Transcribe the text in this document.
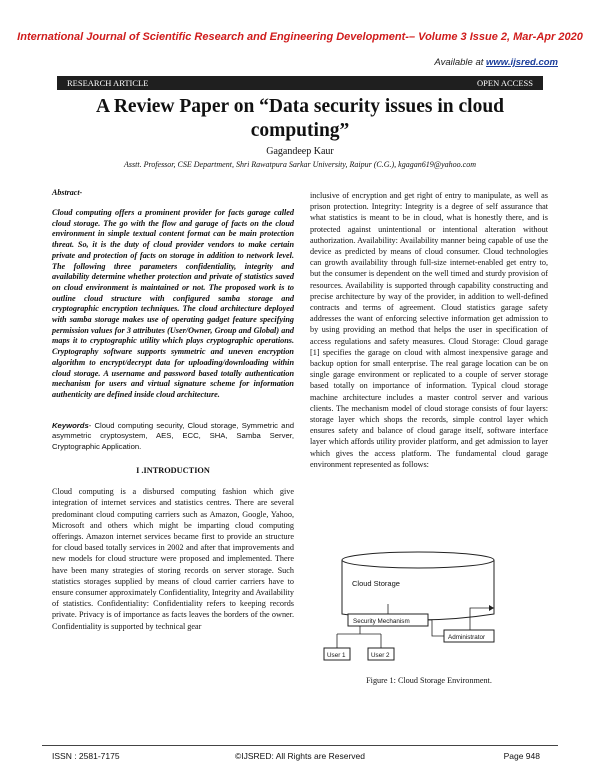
International Journal of Scientific Research and Engineering Development-– Volume 3 Issue 2, Mar-Apr 2020
Available at www.ijsred.com
RESEARCH ARTICLE	OPEN ACCESS
A Review Paper on “Data security issues in cloud computing”
Gagandeep Kaur
Asstt. Professor, CSE Department, Shri Rawatpura Sarkar University, Raipur (C.G.), kgagan619@yahoo.com
Abstract-
Cloud computing offers a prominent provider for facts garage called cloud storage. The go with the flow and garage of facts on the cloud environment in simple textual content format can be main protection threat. So, it is the duty of cloud provider vendors to make certain private and protection of facts on storage in addition to network level. The following three parameters confidentiality, integrity and availability determine whether protection and private of statistics saved on cloud environment is maintained or not. The proposed work is to outline cloud structure with configured samba storage and cryptographic encryption techniques. The cloud architecture deployed with samba storage makes use of operating gadget feature specifying permission values for 3 attributes (User/Owner, Group and Global) and maps it to cryptographic utility which plays cryptographic operations. Cryptography software supports symmetric and uneven encryption algorithm to encrypt/decrypt data for uploading/downloading within cloud storage. A username and password based totally authentication mechanism for users and virtual signature scheme for information authenticity are defined inside cloud architecture.
Keywords- Cloud computing security, Cloud storage, Symmetric and asymmetric cryptosystem, AES, ECC, SHA, Samba Server, Cryptographic Application.
I .INTRODUCTION
Cloud computing is a disbursed computing fashion which give integration of internet services and statistics centres. There are several predominant cloud computing carriers such as Amazon, Google, Yahoo, Microsoft and others which might be imparting cloud computing offerings. Amazon internet services became first to provide an structure for cloud based totally services in 2002 and after that improvements and new models for cloud structure were proposed and implemented. There have been many strategies of storing records on server storage. Such statistics storages supplied by means of cloud carrier carriers have to ensure consumer approximately Confidentiality, Integrity and Availability of statistics. Confidentiality: Confidentiality refers to keeping records private. Privacy is of importance as facts leaves the borders of the owner. Confidentiality is supported by technical gear

inclusive of encryption and get right of entry to manipulate, as well as prison protection. Integrity: Integrity is a degree of self assurance that what statistics is meant to be in cloud, what is honestly there, and is protected against unintentional or intentional alteration without authorization. Availability: Availability manner being capable of use the device as predicted by means of cloud consumer. Cloud technologies can growth availability through full-size internet-enabled get entry to, but the consumer is dependent on the well timed and sturdy provision of resources. Availability is supported through capability constructing and precise architecture by way of the provider, in addition to well-defined contracts and terms of agreement. Cloud statistics garage safety addresses the want of enforcing selective information get admission to by using providing an method that helps the user in specification of access regulations and safety measures. Cloud Storage: Cloud garage [1] specifies the garage on cloud with almost inexpensive garage and backup option for small enterprise. The real garage location can be on single garage environment or replicated to a couple of server storage based totally on importance of information. Typical cloud storage machine architecture includes a master control server and various clients. The mechanism model of cloud storage consists of four layers: storage layer which shops the records, simple control layer which ensures safety and balance of cloud garage itself, software interface layer which affords utility provider platform, and get admission to layer which gives the access platform. The fundamental cloud garage environment represented as follows:

Cloud Storage
Security Mechanism
User 1	User 2
Administrator
Figure 1: Cloud Storage Environment.
ISSN : 2581-7175	©IJSRED: All Rights are Reserved	Page 948
